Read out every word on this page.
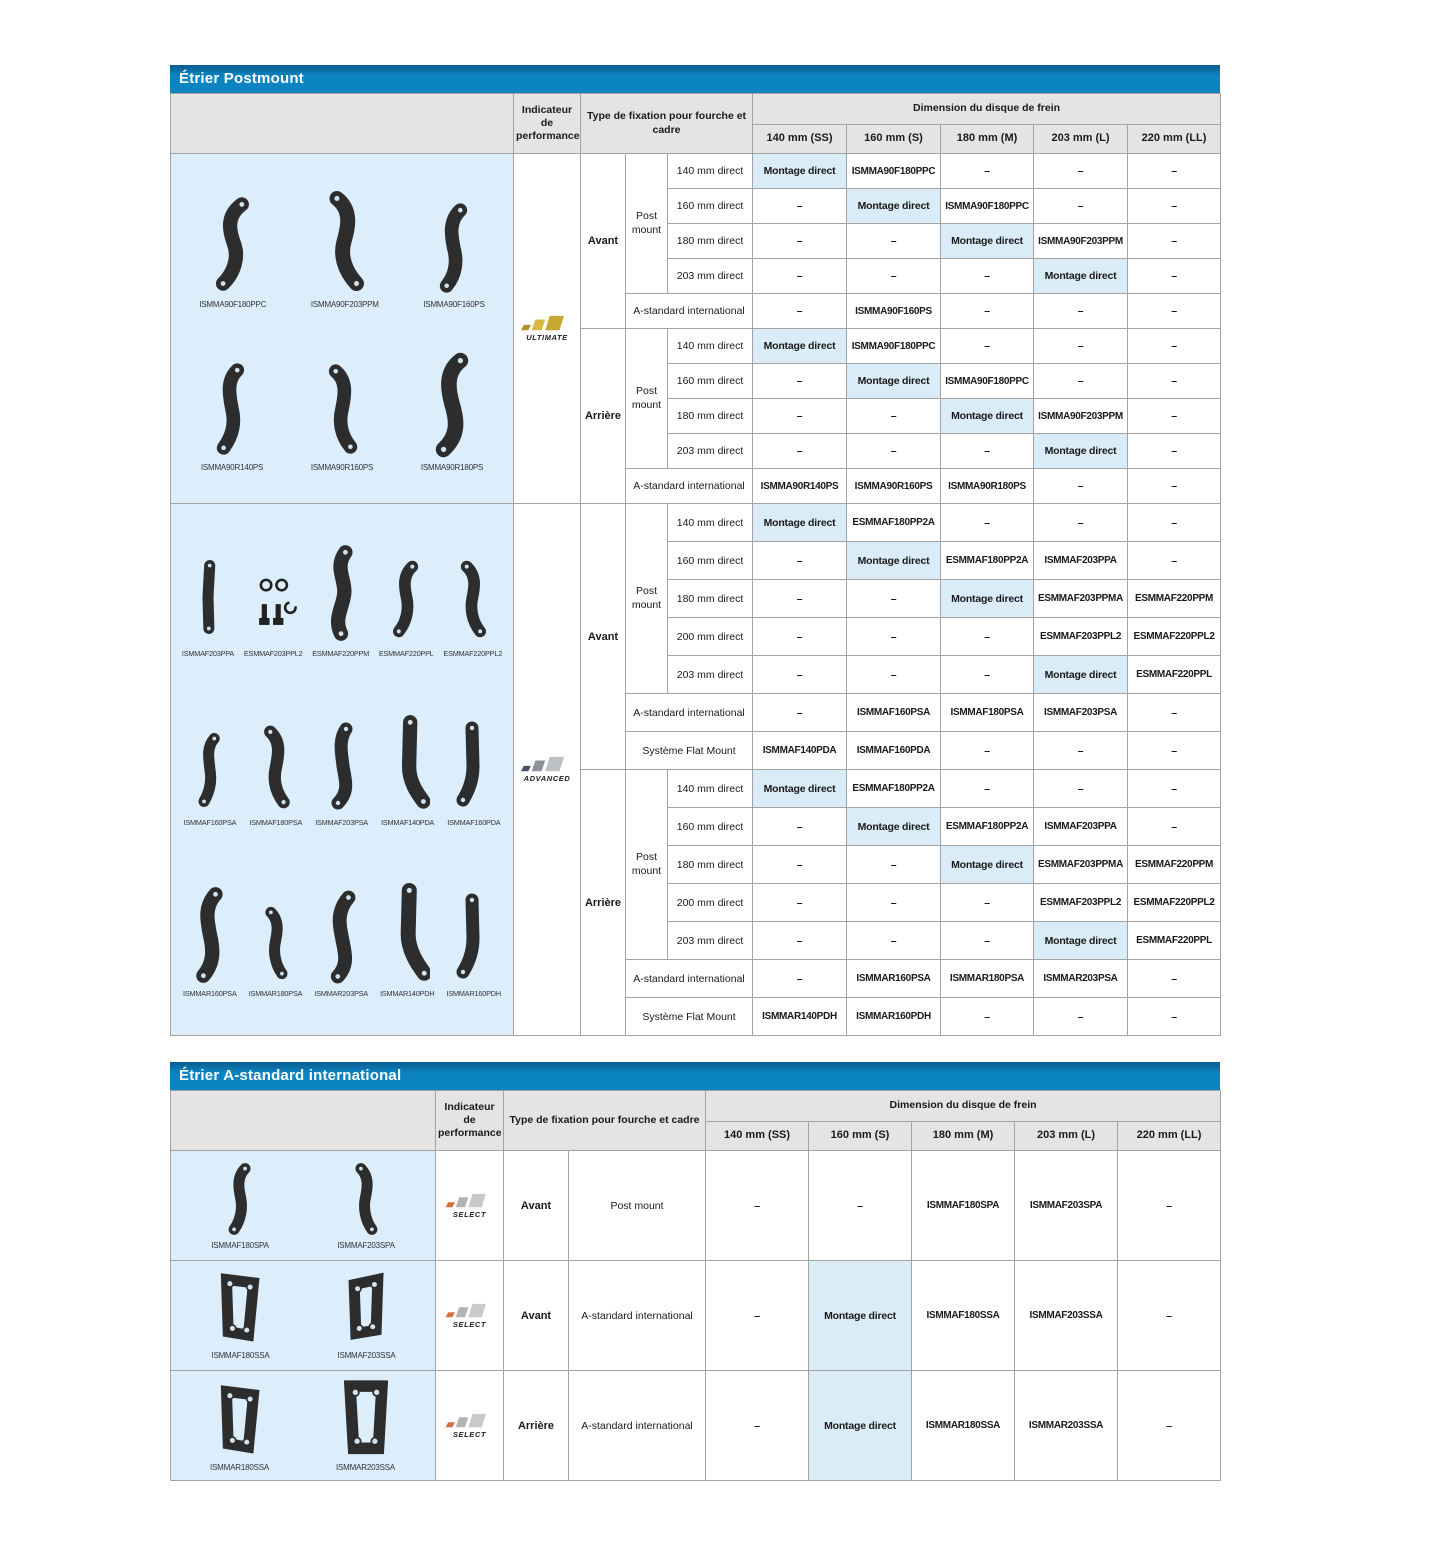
Étrier Postmount
	Indicateur de performance	Type de fixation pour fourche et cadre			Dimension du disque de frein				
					140 mm (SS)	160 mm (S)	180 mm (M)	203 mm (L)	220 mm (LL)

ISMMA90F180PPC	ISMMA90F203PPM	ISMMA90F160PS
ISMMA90R140PS	ISMMA90R160PS	ISMMA90R180PS

ULTIMATE
	Avant	Post mount	140 mm direct	Montage direct	ISMMA90F180PPC	–	–	–
				160 mm direct	–	Montage direct	ISMMA90F180PPC	–	–
				180 mm direct	–	–	Montage direct	ISMMA90F203PPM	–
				203 mm direct	–	–	–	Montage direct	–
			A-standard international		–	ISMMA90F160PS	–	–	–
		Arrière	Post mount	140 mm direct	Montage direct	ISMMA90F180PPC	–	–	–
				160 mm direct	–	Montage direct	ISMMA90F180PPC	–	–
				180 mm direct	–	–	Montage direct	ISMMA90F203PPM	–
				203 mm direct	–	–	–	Montage direct	–
			A-standard international		ISMMA90R140PS	ISMMA90R160PS	ISMMA90R180PS	–	–

ISMMAF203PPA ESMMAF203PPL2 ESMMAF220PPM ESMMAF220PPL ESMMAF220PPL2
ISMMAF160PSA ISMMAF180PSA ISMMAF203PSA ISMMAF140PDA ISMMAF160PDA
ISMMAR160PSA ISMMAR180PSA ISMMAR203PSA ISMMAR140PDH ISMMAR160PDH

ADVANCED
	Avant	Post mount	140 mm direct	Montage direct	ESMMAF180PP2A	–	–	–
				160 mm direct	–	Montage direct	ESMMAF180PP2A	ISMMAF203PPA	–
				180 mm direct	–	–	Montage direct	ESMMAF203PPMA	ESMMAF220PPM
				200 mm direct	–	–	–	ESMMAF203PPL2	ESMMAF220PPL2
				203 mm direct	–	–	–	Montage direct	ESMMAF220PPL
			A-standard international		–	ISMMAF160PSA	ISMMAF180PSA	ISMMAF203PSA	–
			Système Flat Mount		ISMMAF140PDA	ISMMAF160PDA	–	–	–
		Arrière	Post mount	140 mm direct	Montage direct	ESMMAF180PP2A	–	–	–
				160 mm direct	–	Montage direct	ESMMAF180PP2A	ISMMAF203PPA	–
				180 mm direct	–	–	Montage direct	ESMMAF203PPMA	ESMMAF220PPM
				200 mm direct	–	–	–	ESMMAF203PPL2	ESMMAF220PPL2
				203 mm direct	–	–	–	Montage direct	ESMMAF220PPL
			A-standard international		–	ISMMAR160PSA	ISMMAR180PSA	ISMMAR203PSA	–
			Système Flat Mount		ISMMAR140PDH	ISMMAR160PDH	–	–	–
Étrier A-standard international
	Indicateur de performance	Type de fixation pour fourche et cadre		Dimension du disque de frein				
				140 mm (SS)	160 mm (S)	180 mm (M)	203 mm (L)	220 mm (LL)

ISMMAF180SPA ISMMAF203SPA	SELECT	Avant	Post mount	–	–	ISMMAF180SPA	ISMMAF203SPA	–

ISMMAF180SSA ISMMAF203SSA	SELECT	Avant	A-standard international	–	Montage direct	ISMMAF180SSA	ISMMAF203SSA	–

ISMMAR180SSA ISMMAR203SSA	SELECT	Arrière	A-standard international	–	Montage direct	ISMMAR180SSA	ISMMAR203SSA	–
